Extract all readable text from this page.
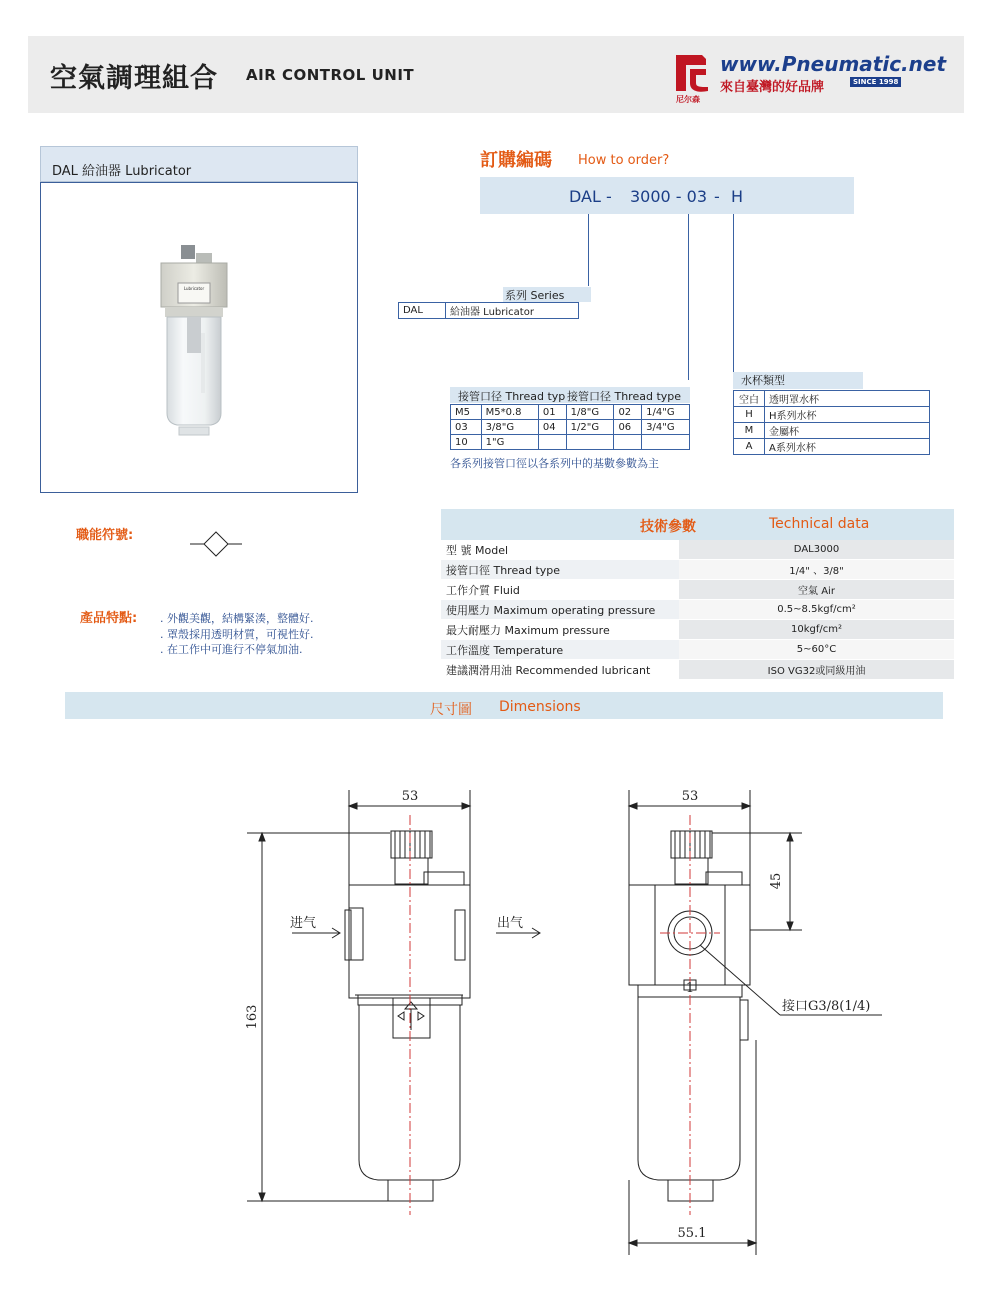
空氣調理組合 AIR CONTROL UNIT
尼尔森
www.Pneumatic.net
來自臺灣的好品牌	SINCE 1998
DAL 給油器 Lubricator
Lubricator
訂購編碼 How to order?
DAL - 3000 - 03 - H
系列 Series
DAL	給油器 Lubricator
接管口径 Thread typ 接管口径 Thread type
M5	M5*0.8	01	1/8"G	02	1/4"G
03	3/8"G	04	1/2"G	06	3/4"G
10	1"G				
各系列接管口徑以各系列中的基數參數為主
水杯類型
空白	透明罩水杯
H	H系列水杯
M	金屬杯
A	A系列水杯
職能符號:
產品特點: . 外觀美觀，結構緊湊，整體好.
. 罩殼採用透明材質，可視性好.
. 在工作中可進行不停氣加油.
技術參數	Technical data
型 號 Model	DAL3000
接管口徑 Thread type	1/4" 、3/8"
工作介質 Fluid	空氣 Air
使用壓力 Maximum operating pressure	0.5~8.5kgf/cm²
最大耐壓力 Maximum pressure	10kgf/cm²
工作溫度 Temperature	5~60°C
建議潤滑用油 Recommended lubricant	ISO VG32或同級用油
尺寸圖 Dimensions
53	53
163
45
55.1
进气	出气
接口G3/8(1/4)
1
